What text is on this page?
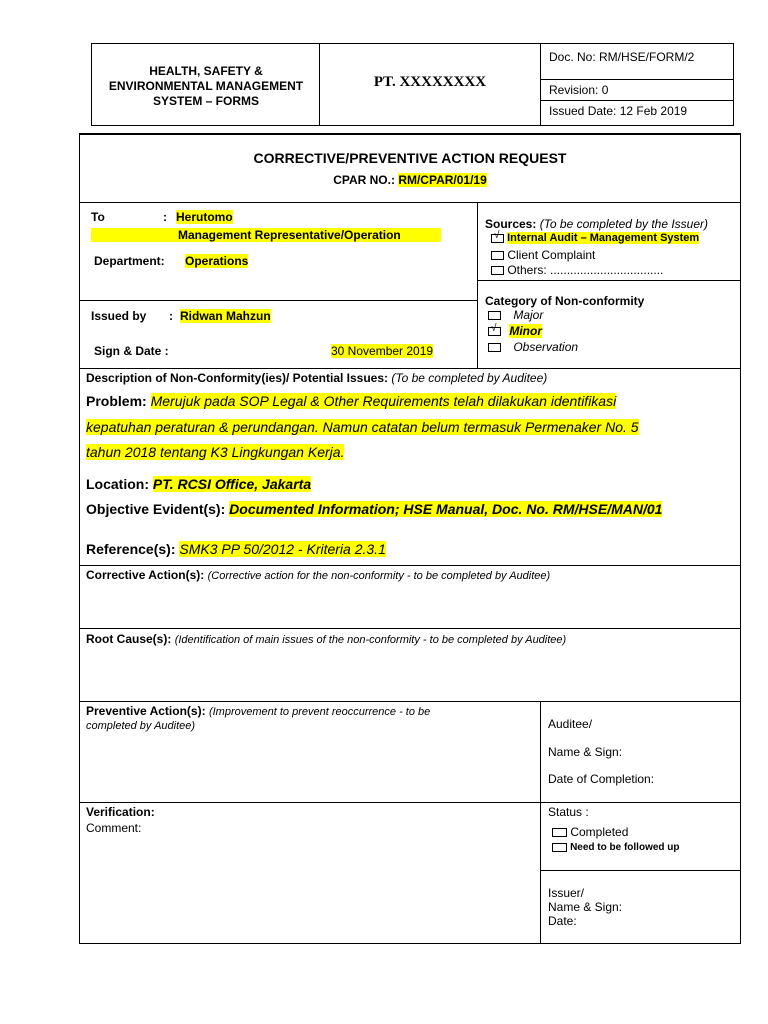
HEALTH, SAFETY & ENVIRONMENTAL MANAGEMENT SYSTEM – FORMS
PT. XXXXXXXX
Doc. No: RM/HSE/FORM/2
Revision: 0
Issued Date: 12 Feb 2019
CORRECTIVE/PREVENTIVE ACTION REQUEST
CPAR NO.: RM/CPAR/01/19
To	: Herutomo
Management Representative/Operation
Department: Operations
Issued by : Ridwan Mahzun
Sign & Date :	30 November 2019
Sources: (To be completed by the Issuer)
√ Internal Audit – Management System
Client Complaint
Others: ..................................
Category of Non-conformity
Major
√ Minor
Observation
Description of Non-Conformity(ies)/ Potential Issues: (To be completed by Auditee)
Problem: Merujuk pada SOP Legal & Other Requirements telah dilakukan identifikasi
kepatuhan peraturan & perundangan. Namun catatan belum termasuk Permenaker No. 5
tahun 2018 tentang K3 Lingkungan Kerja.
Location: PT. RCSI Office, Jakarta
Objective Evident(s): Documented Information; HSE Manual, Doc. No. RM/HSE/MAN/01
Reference(s): SMK3 PP 50/2012 - Kriteria 2.3.1
Corrective Action(s): (Corrective action for the non-conformity - to be completed by Auditee)
Root Cause(s): (Identification of main issues of the non-conformity - to be completed by Auditee)
Preventive Action(s): (Improvement to prevent reoccurrence - to be
completed by Auditee)	Auditee/
Name & Sign:
Date of Completion:
Verification:
Comment:
Status :
Completed
Need to be followed up
Issuer/
Name & Sign:
Date:
